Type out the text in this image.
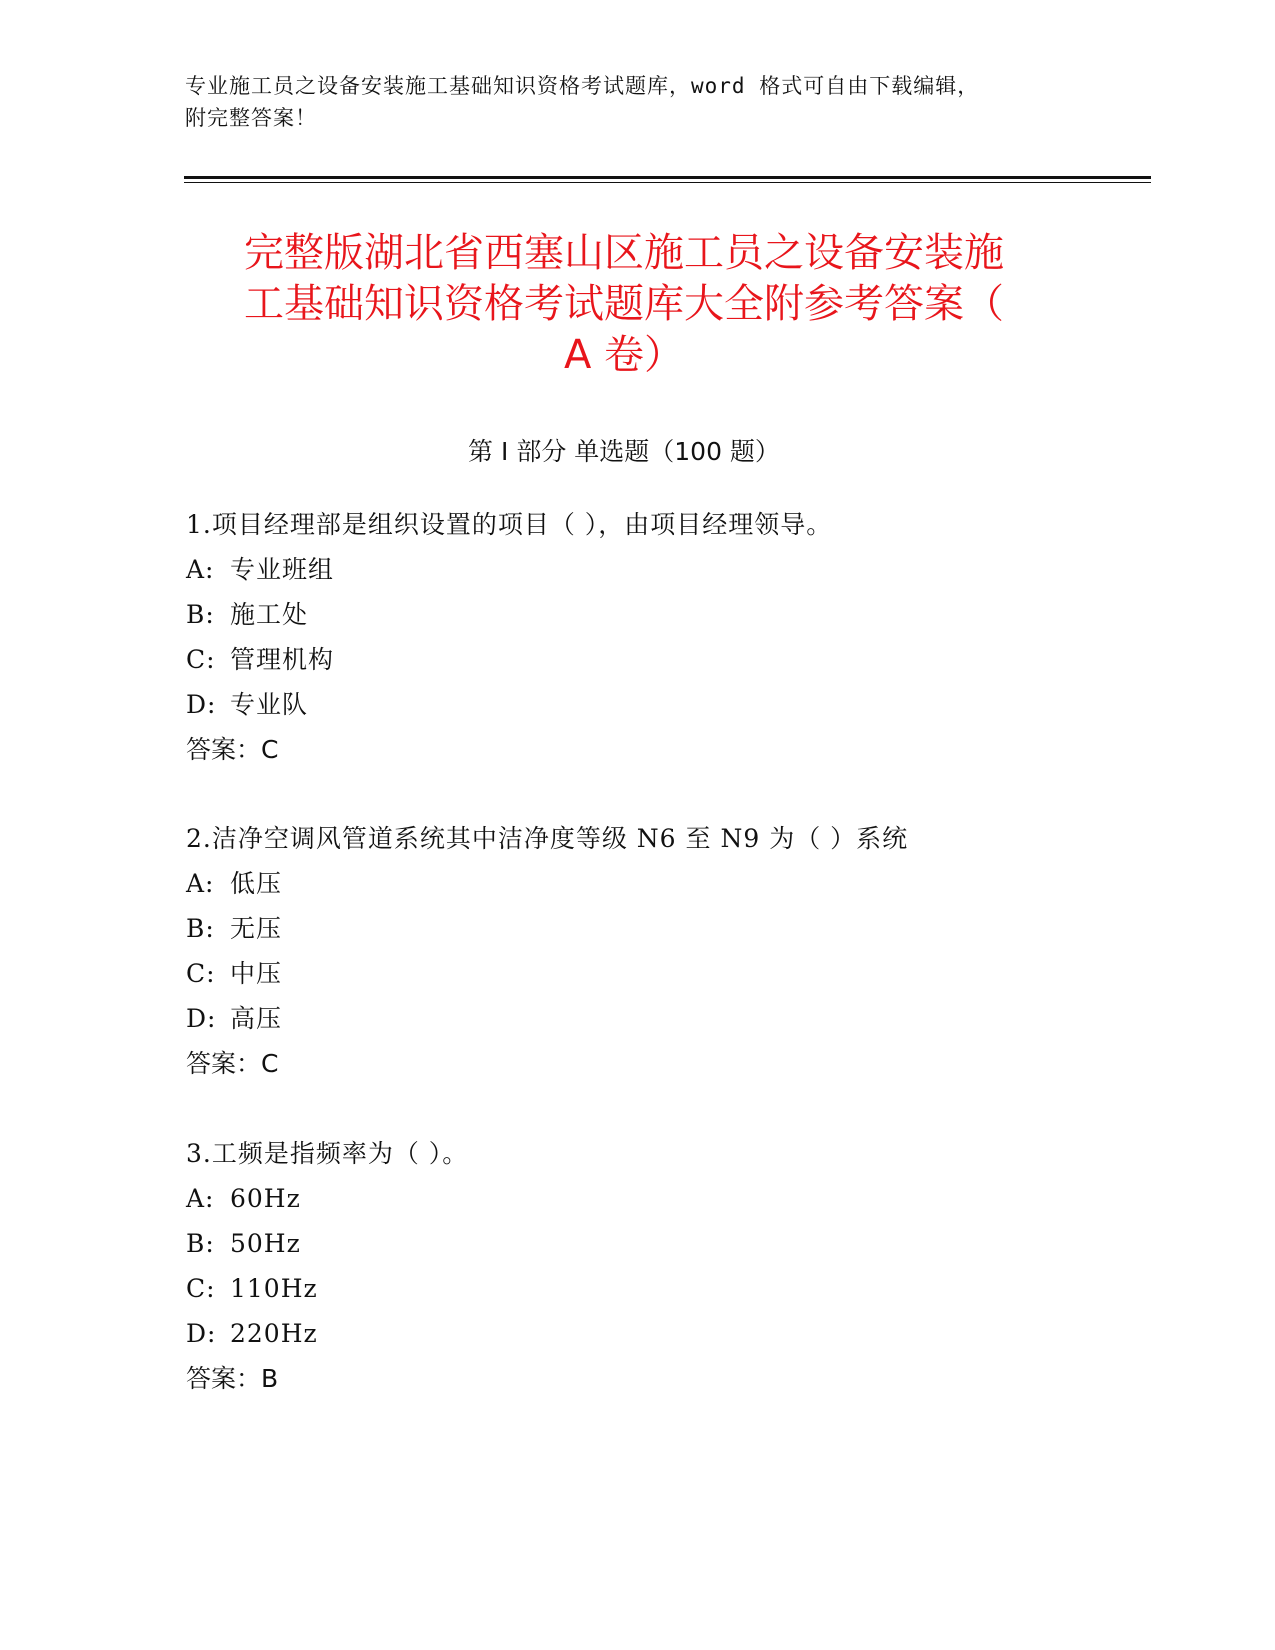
专业施工员之设备安装施工基础知识资格考试题库，word 格式可自由下载编辑，
附完整答案！
完整版湖北省西塞山区施工员之设备安装施
工基础知识资格考试题库大全附参考答案（
A 卷）
第 I 部分 单选题（100 题）
1.项目经理部是组织设置的项目（ ），由项目经理领导。
A: 专业班组
B: 施工处
C: 管理机构
D: 专业队
答案：C
2.洁净空调风管道系统其中洁净度等级 N6 至 N9 为（ ）系统
A: 低压
B: 无压
C: 中压
D: 高压
答案：C
3.工频是指频率为（ ）。
A: 60Hz
B: 50Hz
C: 110Hz
D: 220Hz
答案：B
